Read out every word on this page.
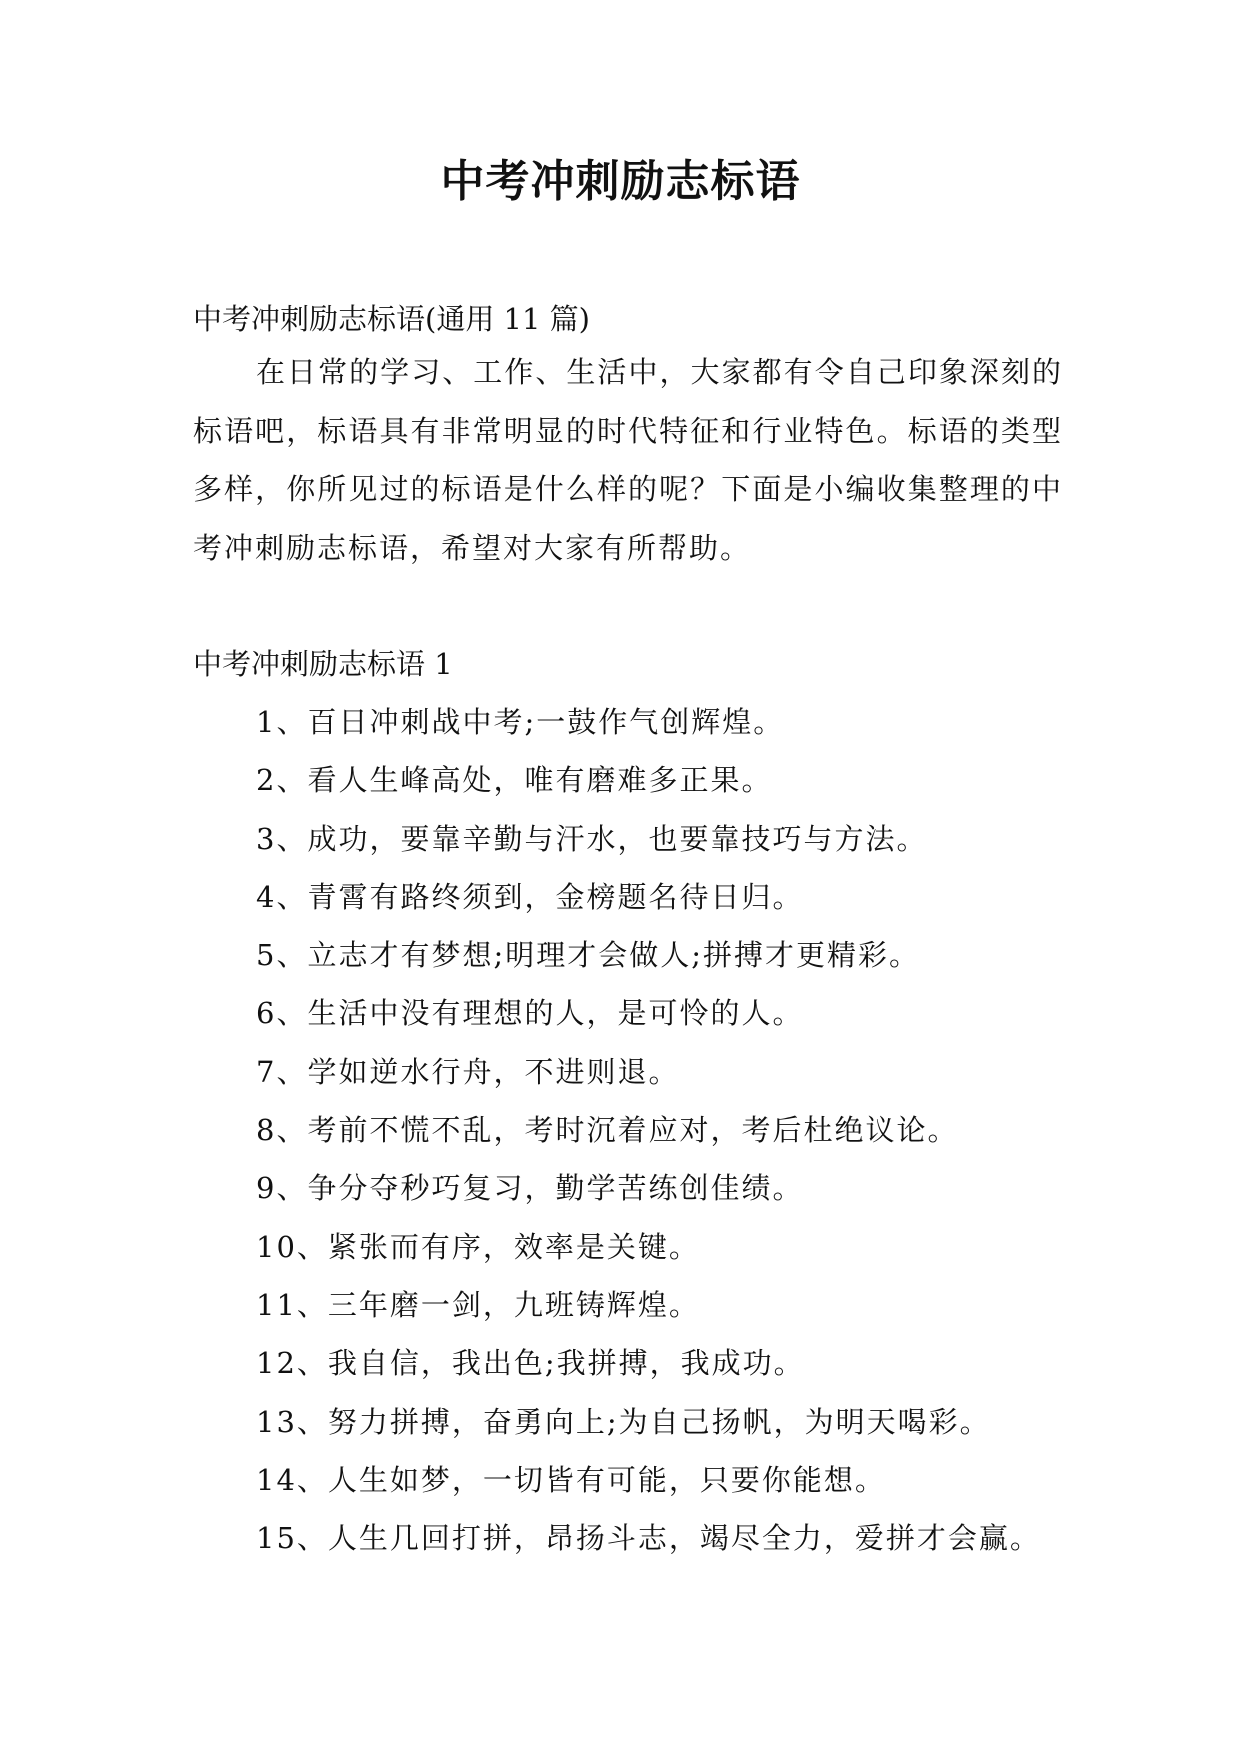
中考冲刺励志标语
中考冲刺励志标语(通用 11 篇)

在日常的学习、工作、生活中，大家都有令自己印象深刻的标语吧，标语具有非常明显的时代特征和行业特色。标语的类型多样，你所见过的标语是什么样的呢？下面是小编收集整理的中考冲刺励志标语，希望对大家有所帮助。

中考冲刺励志标语 1
1、百日冲刺战中考;一鼓作气创辉煌。
2、看人生峰高处，唯有磨难多正果。
3、成功，要靠辛勤与汗水，也要靠技巧与方法。
4、青霄有路终须到，金榜题名待日归。
5、立志才有梦想;明理才会做人;拼搏才更精彩。
6、生活中没有理想的人，是可怜的人。
7、学如逆水行舟，不进则退。
8、考前不慌不乱，考时沉着应对，考后杜绝议论。
9、争分夺秒巧复习，勤学苦练创佳绩。
10、紧张而有序，效率是关键。
11、三年磨一剑，九班铸辉煌。
12、我自信，我出色;我拼搏，我成功。
13、努力拼搏，奋勇向上;为自己扬帆，为明天喝彩。
14、人生如梦，一切皆有可能，只要你能想。
15、人生几回打拼，昂扬斗志，竭尽全力，爱拼才会赢。
